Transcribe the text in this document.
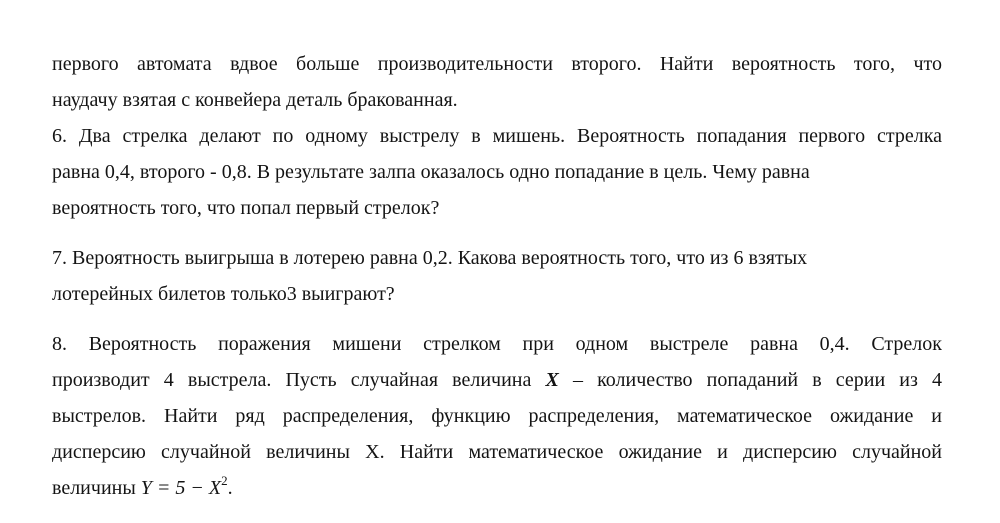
первого автомата вдвое больше производительности второго. Найти вероятность того, что
наудачу взятая с конвейера деталь бракованная.
6. Два стрелка делают по одному выстрелу в мишень. Вероятность попадания первого стрелка
равна 0,4, второго - 0,8. В результате залпа оказалось одно попадание в цель. Чему равна
вероятность того, что попал первый стрелок?
7. Вероятность выигрыша в лотерею равна 0,2. Какова вероятность того, что из 6 взятых
лотерейных билетов только3 выиграют?
8. Вероятность поражения мишени стрелком при одном выстреле равна 0,4. Стрелок
производит 4 выстрела. Пусть случайная величина X – количество попаданий в серии из 4
выстрелов. Найти ряд распределения, функцию распределения, математическое ожидание и
дисперсию случайной величины Х. Найти математическое ожидание и дисперсию случайной
величины $Y = 5 - X^2$.
